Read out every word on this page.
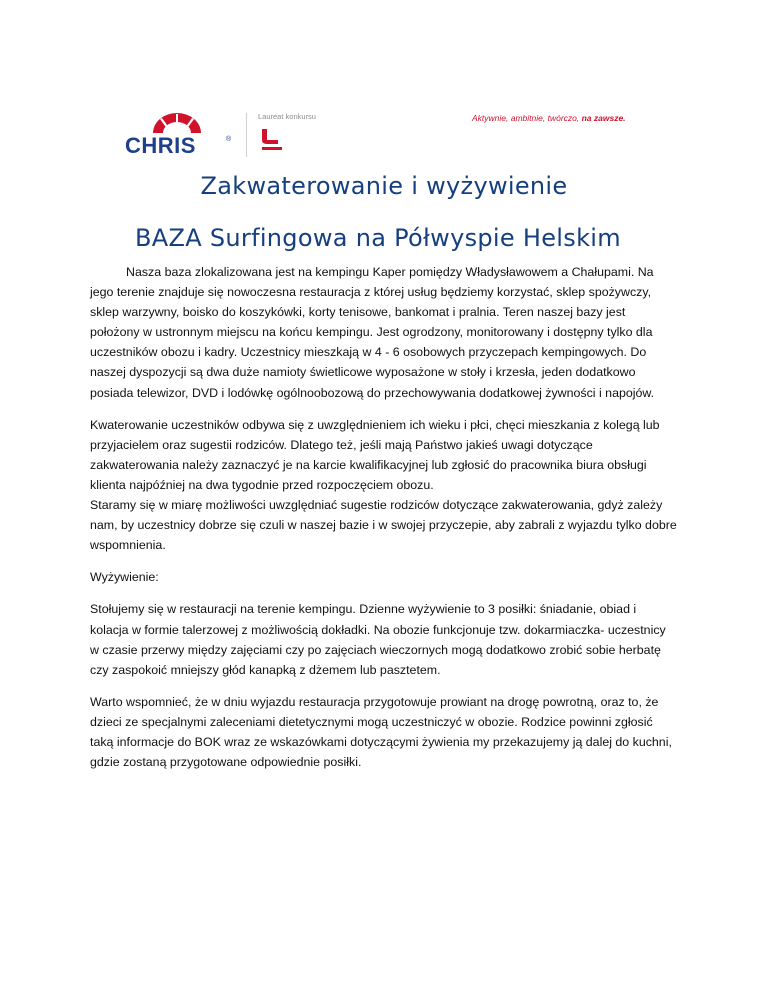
CHRIS	®
Laureat konkursu	Aktywnie, ambitnie, twórczo, na zawsze.
Zakwaterowanie i wyżywienie
BAZA Surfingowa na Półwyspie Helskim

Nasza baza zlokalizowana jest na kempingu Kaper pomiędzy Władysławowem a Chałupami. Na jego terenie znajduje się nowoczesna restauracja z której usług będziemy korzystać, sklep spożywczy, sklep warzywny, boisko do koszykówki, korty tenisowe, bankomat i pralnia. Teren naszej bazy jest położony w ustronnym miejscu na końcu kempingu. Jest ogrodzony, monitorowany i dostępny tylko dla uczestników obozu i kadry. Uczestnicy mieszkają w 4 - 6 osobowych przyczepach kempingowych. Do naszej dyspozycji są dwa duże namioty świetlicowe wyposażone w stoły i krzesła, jeden dodatkowo posiada telewizor, DVD i lodówkę ogólnoobozową do przechowywania dodatkowej żywności i napojów.

Kwaterowanie uczestników odbywa się z uwzględnieniem ich wieku i płci, chęci mieszkania z kolegą lub przyjacielem oraz sugestii rodziców. Dlatego też, jeśli mają Państwo jakieś uwagi dotyczące zakwaterowania należy zaznaczyć je na karcie kwalifikacyjnej lub zgłosić do pracownika biura obsługi klienta najpóźniej na dwa tygodnie przed rozpoczęciem obozu.

Staramy się w miarę możliwości uwzględniać sugestie rodziców dotyczące zakwaterowania, gdyż zależy nam, by uczestnicy dobrze się czuli w naszej bazie i w swojej przyczepie, aby zabrali z wyjazdu tylko dobre wspomnienia.

Wyżywienie:

Stołujemy się w restauracji na terenie kempingu. Dzienne wyżywienie to 3 posiłki: śniadanie, obiad i kolacja w formie talerzowej z możliwością dokładki. Na obozie funkcjonuje tzw. dokarmiaczka- uczestnicy w czasie przerwy między zajęciami czy po zajęciach wieczornych mogą dodatkowo zrobić sobie herbatę czy zaspokoić mniejszy głód kanapką z dżemem lub pasztetem.

Warto wspomnieć, że w dniu wyjazdu restauracja przygotowuje prowiant na drogę powrotną, oraz to, że dzieci ze specjalnymi zaleceniami dietetycznymi mogą uczestniczyć w obozie. Rodzice powinni zgłosić taką informacje do BOK wraz ze wskazówkami dotyczącymi żywienia my przekazujemy ją dalej do kuchni, gdzie zostaną przygotowane odpowiednie posiłki.
